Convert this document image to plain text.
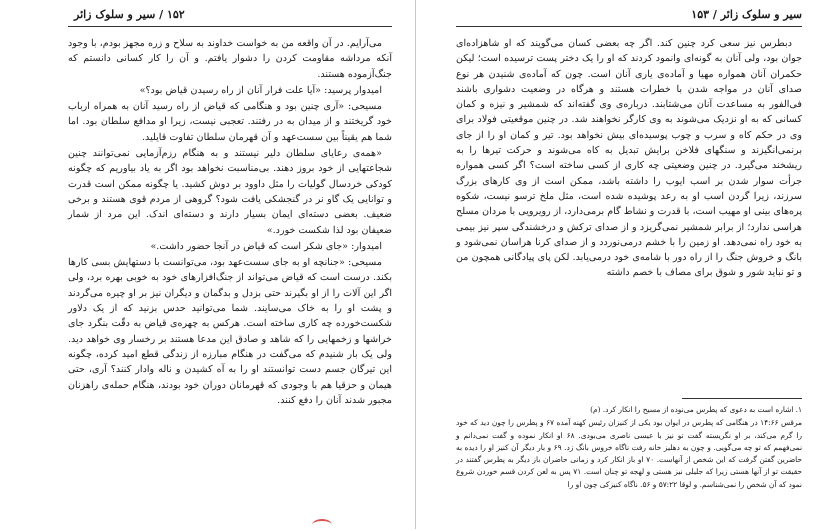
سیر و سلوک زائر / ۱۵۳

دبطرس نیز سعی کرد چنین کند. اگر چه بعضی کسان می‌گویند که او شاهزاده‌ای جوان بود، ولی آنان به گونه‌ای وانمود کردند که او را یک دختر پست ترسیده است؛ لیکن حکمران آنان همواره مهیا و آماده‌ی یاری آنان است. چون که آماده‌ی شنیدن هر نوع صدای آنان در مواجه شدن با خطرات هستند و هرگاه در وضعیت دشواری باشند فی‌الفور به مساعدت آنان می‌شتابند. درباره‌ی وی گفته‌اند که شمشیر و نیزه و کمان کسانی که به او نزدیک می‌شوند به وی کارگر نخواهند شد. در چنین موقعیتی فولاد برای وی در حکم کاه و سرب و چوب پوسیده‌ای بیش نخواهد بود. تیر و کمان او را از جای برنمی‌انگیزند و سنگهای فلاخن برایش تبدیل به کاه می‌شوند و حرکت تیرها را به ریشخند می‌گیرد. در چنین وضعیتی چه کاری از کسی ساخته است؟ اگر کسی همواره جرأت سوار شدن بر اسب ایوب را داشته باشد، ممکن است از وی کارهای بزرگ سرزند، زیرا گردن اسب او به رعد پوشیده شده است، مثل ملخ ترسو نیست، شکوه پره‌های بینی او مهیب است، با قدرت و نشاط گام برمی‌دارد، از رویرویی با مردان مسلح هراسی ندارد؛ از برابر شمشیر نمی‌گریزد و از صدای ترکش و درخشندگی سپر نیز بیمی به خود راه نمی‌دهد. او زمین را با خشم درمی‌نوردد و از صدای کرنا هراسان نمی‌شود و بانگ و خروش جنگ را از راه دور با شامه‌ی خود درمی‌یابد. لکن پای پیادگانی همچون من و تو نباید شور و شوق برای مصاف با خصم داشته

۱. اشاره است به دعوی که پطرس می‌نوده از مسیح را انکار کرد. (م)

مرقس ۱۴:۶۶ در هنگامی که پطرس در ایوان بود یکی از کنیزان رئیس کهنه آمده ۶۷ و پطرس را چون دید که خود را گرم می‌کند، بر او نگریسته گفت تو نیز با عیسی ناصری می‌بودی. ۶۸ او انکار نموده و گفت نمی‌دانم و نمی‌فهمم که تو چه می‌گویی. و چون به دهلیز خانه رفت ناگاه خروس بانگ زد. ۶۹ و بار دیگر آن کنیز او را دیده به حاضرین گفتن گرفت که این شخص از آنهاست. ۷۰ او باز انکار کرد و زمانی حاضران باز دیگر به پطرس گفتند در حقیقت تو از آنها هستی زیرا که جلیلی نیز هستی و لهجه تو چنان است. ۷۱ پس به لعن کردن قسم خوردن شروع نمود که آن شخص را نمی‌شناسم. و لوقا ۵۷:۲۲ و ۵۶. ناگاه کنیزکی چون او را

۱۵۲ / سیر و سلوک زائر

می‌آرایم. در آن واقعه من به خواست خداوند به سلاح و زره مجهز بودم، با وجود آنکه مرداشه مقاومت کردن را دشوار یافتم. و آن را کار کسانی دانستم که جنگ‌آزموده هستند.

امیدوار پرسید: «آیا علت فرار آنان از راه رسیدن قیاض بود؟»

مسیحی: «آری چنین بود و هنگامی که قیاض از راه رسید آنان به همراه ارباب خود گریختند و از میدان به در رفتند. تعجبی نیست، زیرا او مدافع سلطان بود. اما شما هم یقیناً بین سست‌عهد و آن قهرمان سلطان تفاوت قایلید.

«همه‌ی رعایای سلطان دلیر نیستند و به هنگام رزم‌آزمایی نمی‌توانند چنین شجاعتهایی از خود بروز دهند. بی‌مناسبت نخواهد بود اگر به یاد بیاوریم که چگونه کودکی خردسال گولیات را مثل داوود بر دوش کشید. یا چگونه ممکن است قدرت و توانایی یک گاو نر در گنجشکی یافت شود؟ گروهی از مردم قوی هستند و برخی ضعیف. بعضی دسته‌ای ایمان بسیار دارند و دسته‌ای اندک. این مرد از شمار ضعیفان بود لذا شکست خورد.»

امیدوار: «جای شکر است که قیاض در آنجا حضور داشت.»

مسیحی: «جنانچه او به جای سست‌عهد بود، می‌توانست با دستهایش بسی کارها بکند. درست است که قیاض می‌تواند از جنگ‌افزارهای خود به خوبی بهره برد، ولی اگر این آلات را از او بگیرند حتی بزدل و بدگمان و دیگران نیز بر او چیره می‌گردند و پشت او را به خاک می‌سایند. شما می‌توانید حدس بزنید که از یک دلاور شکست‌خورده چه کاری ساخته است. هرکس به چهره‌ی قیاض به دقّت بنگرد جای خراشها و زخمهایی را که شاهد و صادق این مدعا هستند بر رخسار وی خواهد دید. ولی یک بار شنیدم که می‌گفت در هنگام مبارزه از زندگی قطع امید کرده، چگونه این تیرگان جسم دست توانستند او را به آه کشیدن و ناله وادار کنند؟ آری، حتی هیمان و حزقیا هم با وجودی که قهرمانان دوران خود بودند، هنگام حمله‌ی راهزنان مجبور شدند آنان را دفع کنند.
